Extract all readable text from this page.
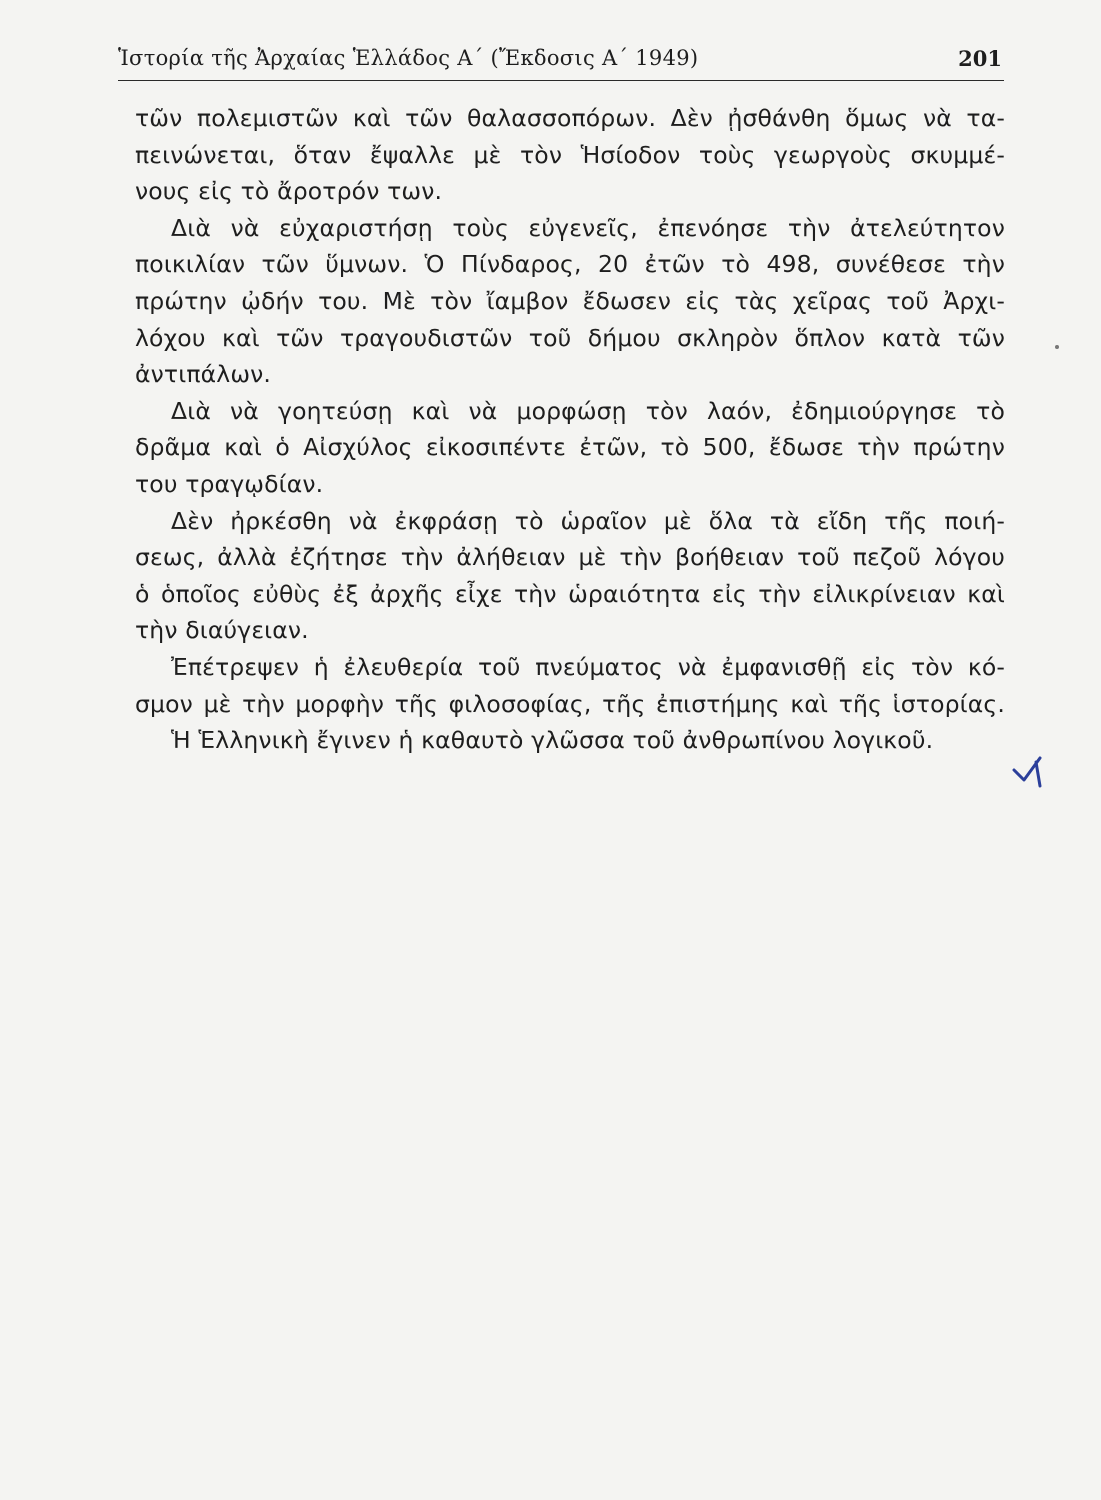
Ἱστορία τῆς Ἀρχαίας Ἑλλάδος Α΄ (Ἔκδοσις Α΄ 1949)	201
τῶν πολεμιστῶν καὶ τῶν θαλασσοπόρων. Δὲν ᾐσθάνθη ὅμως νὰ τα-
πεινώνεται, ὅταν ἔψαλλε μὲ τὸν Ἡσίοδον τοὺς γεωργοὺς σκυμμέ-
νους εἰς τὸ ἄροτρόν των.
Διὰ νὰ εὐχαριστήσῃ τοὺς εὐγενεῖς, ἐπενόησε τὴν ἀτελεύτητον
ποικιλίαν τῶν ὕμνων. Ὁ Πίνδαρος, 20 ἐτῶν τὸ 498, συνέθεσε τὴν
πρώτην ᾠδήν του. Μὲ τὸν ἴαμβον ἔδωσεν εἰς τὰς χεῖρας τοῦ Ἀρχι-
λόχου καὶ τῶν τραγουδιστῶν τοῦ δήμου σκληρὸν ὅπλον κατὰ τῶν
ἀντιπάλων.
Διὰ νὰ γοητεύσῃ καὶ νὰ μορφώσῃ τὸν λαόν, ἐδημιούργησε τὸ
δρᾶμα καὶ ὁ Αἰσχύλος εἰκοσιπέντε ἐτῶν, τὸ 500, ἔδωσε τὴν πρώτην
του τραγῳδίαν.
Δὲν ἠρκέσθη νὰ ἐκφράσῃ τὸ ὡραῖον μὲ ὅλα τὰ εἴδη τῆς ποιή-
σεως, ἀλλὰ ἐζήτησε τὴν ἀλήθειαν μὲ τὴν βοήθειαν τοῦ πεζοῦ λόγου
ὁ ὁποῖος εὐθὺς ἐξ ἀρχῆς εἶχε τὴν ὡραιότητα εἰς τὴν εἰλικρίνειαν καὶ
τὴν διαύγειαν.
Ἐπέτρεψεν ἡ ἐλευθερία τοῦ πνεύματος νὰ ἐμφανισθῇ εἰς τὸν κό-
σμον μὲ τὴν μορφὴν τῆς φιλοσοφίας, τῆς ἐπιστήμης καὶ τῆς ἱστορίας.
Ἡ Ἑλληνικὴ ἔγινεν ἡ καθαυτὸ γλῶσσα τοῦ ἀνθρωπίνου λογικοῦ.
